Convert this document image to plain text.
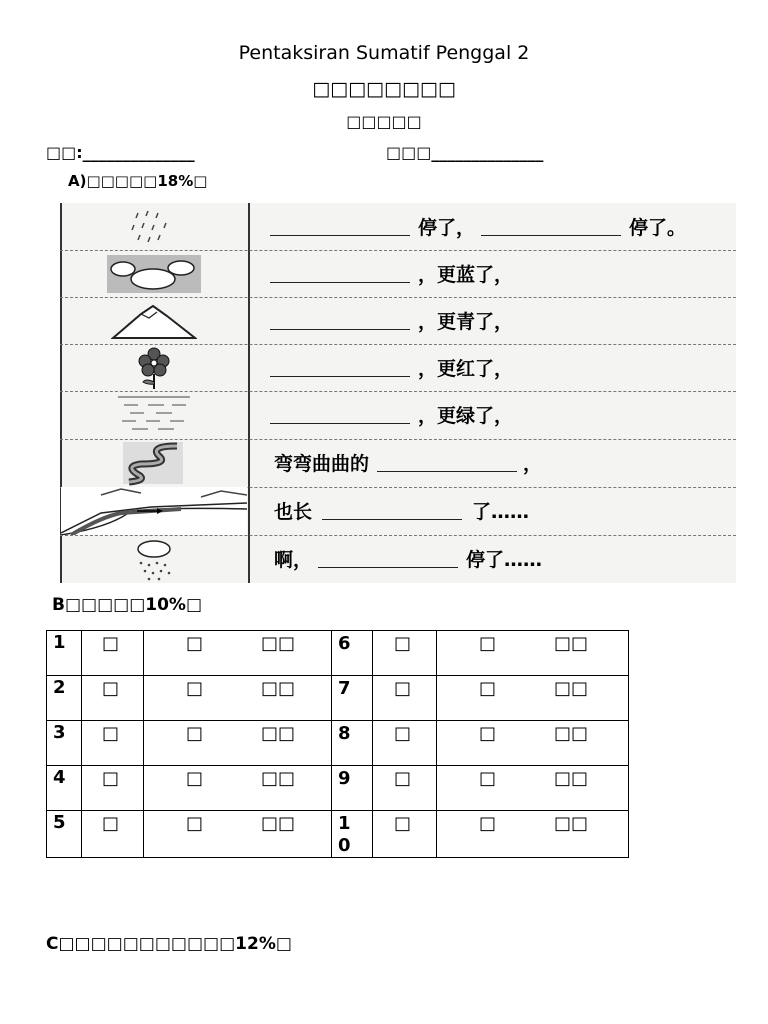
Pentaksiran Sumatif Penggal 2
□□□□□□□□
□□□□□
□□:______________	□□□______________
A)□□□□□18%□
停了，	停了。
，更蓝了，
，更青了，
，更红了，
，更绿了，
弯弯曲曲的	，
也长	了……
啊，	停了……
B□□□□□10%□
1	□	□ □□	6	□	□ □□

2	□	□ □□	7	□	□ □□

3	□	□ □□	8	□	□ □□

4	□	□ □□	9	□	□ □□

5	□	□ □□	10	□	□ □□
C□□□□□□□□□□□12%□
